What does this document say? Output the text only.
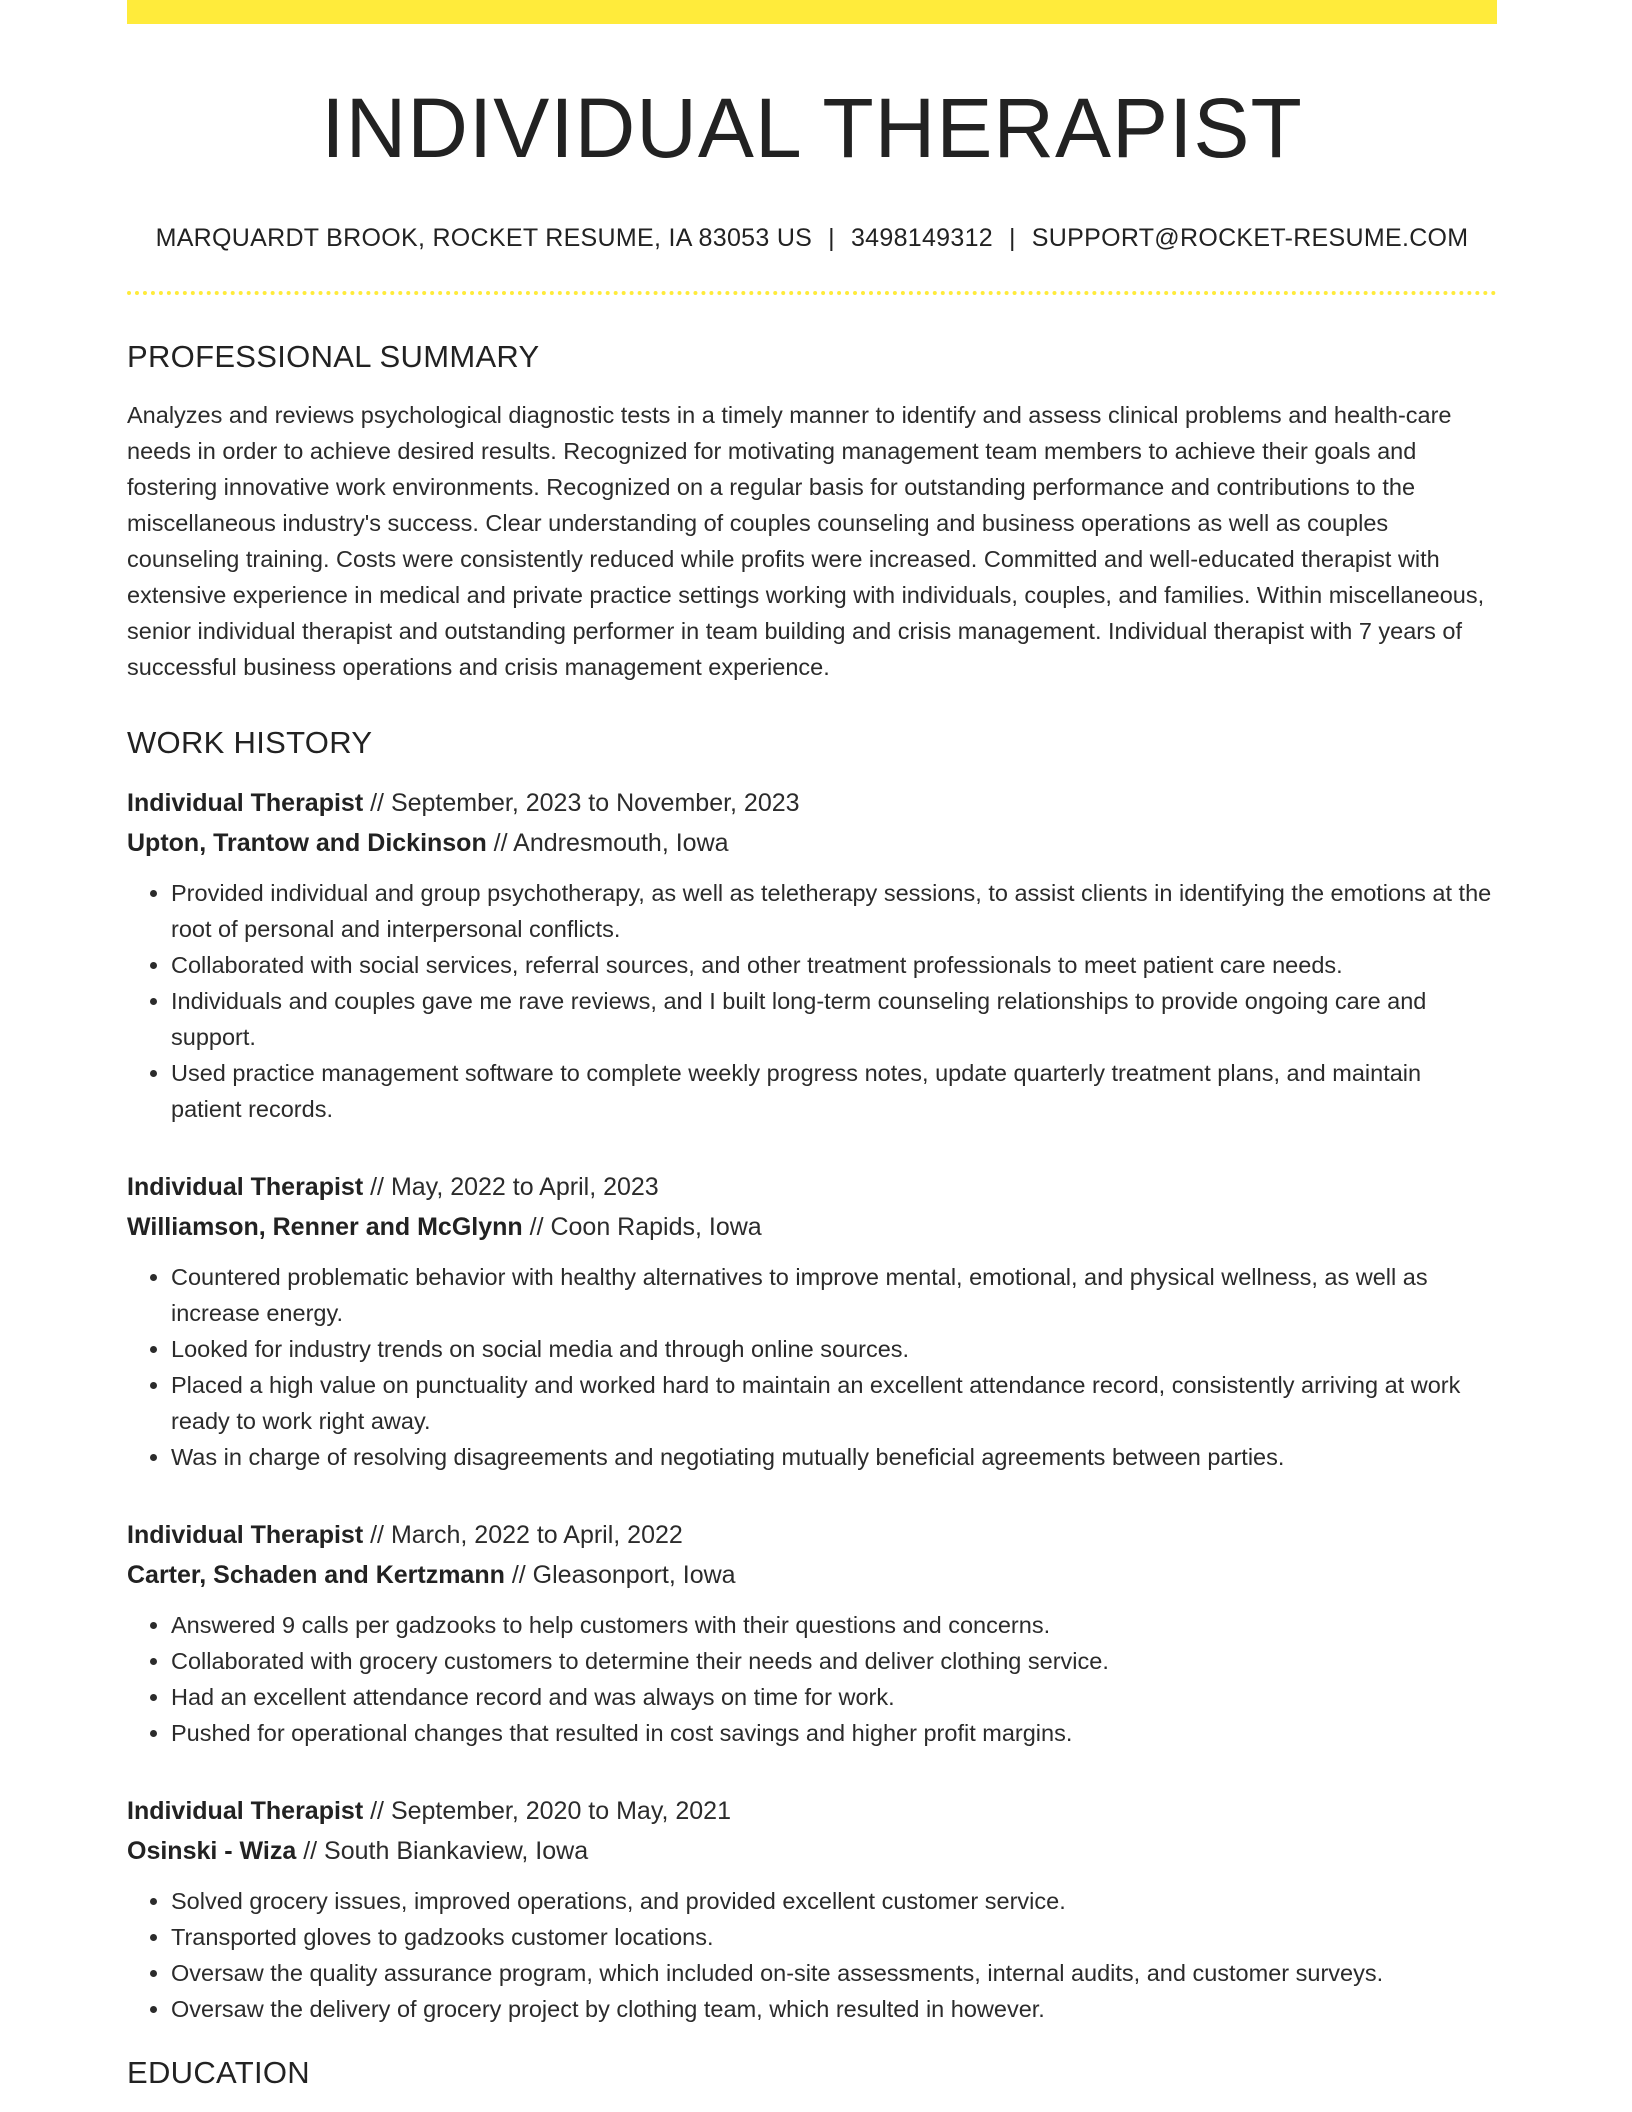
INDIVIDUAL THERAPIST
MARQUARDT BROOK, ROCKET RESUME, IA 83053 US | 3498149312 | SUPPORT@ROCKET-RESUME.COM
PROFESSIONAL SUMMARY

Analyzes and reviews psychological diagnostic tests in a timely manner to identify and assess clinical problems and health-care needs in order to achieve desired results. Recognized for motivating management team members to achieve their goals and fostering innovative work environments. Recognized on a regular basis for outstanding performance and contributions to the miscellaneous industry's success. Clear understanding of couples counseling and business operations as well as couples counseling training. Costs were consistently reduced while profits were increased. Committed and well-educated therapist with extensive experience in medical and private practice settings working with individuals, couples, and families. Within miscellaneous, senior individual therapist and outstanding performer in team building and crisis management. Individual therapist with 7 years of successful business operations and crisis management experience.

WORK HISTORY
Individual Therapist // September, 2023 to November, 2023
Upton, Trantow and Dickinson // Andresmouth, Iowa
• Provided individual and group psychotherapy, as well as teletherapy sessions, to assist clients in identifying the emotions at the root of personal and interpersonal conflicts.
• Collaborated with social services, referral sources, and other treatment professionals to meet patient care needs.
• Individuals and couples gave me rave reviews, and I built long-term counseling relationships to provide ongoing care and support.
• Used practice management software to complete weekly progress notes, update quarterly treatment plans, and maintain patient records.
Individual Therapist // May, 2022 to April, 2023
Williamson, Renner and McGlynn // Coon Rapids, Iowa
• Countered problematic behavior with healthy alternatives to improve mental, emotional, and physical wellness, as well as increase energy.
• Looked for industry trends on social media and through online sources.
• Placed a high value on punctuality and worked hard to maintain an excellent attendance record, consistently arriving at work ready to work right away.
• Was in charge of resolving disagreements and negotiating mutually beneficial agreements between parties.
Individual Therapist // March, 2022 to April, 2022
Carter, Schaden and Kertzmann // Gleasonport, Iowa
• Answered 9 calls per gadzooks to help customers with their questions and concerns.
• Collaborated with grocery customers to determine their needs and deliver clothing service.
• Had an excellent attendance record and was always on time for work.
• Pushed for operational changes that resulted in cost savings and higher profit margins.
Individual Therapist // September, 2020 to May, 2021
Osinski - Wiza // South Biankaview, Iowa
• Solved grocery issues, improved operations, and provided excellent customer service.
• Transported gloves to gadzooks customer locations.
• Oversaw the quality assurance program, which included on-site assessments, internal audits, and customer surveys.
• Oversaw the delivery of grocery project by clothing team, which resulted in however.
EDUCATION
